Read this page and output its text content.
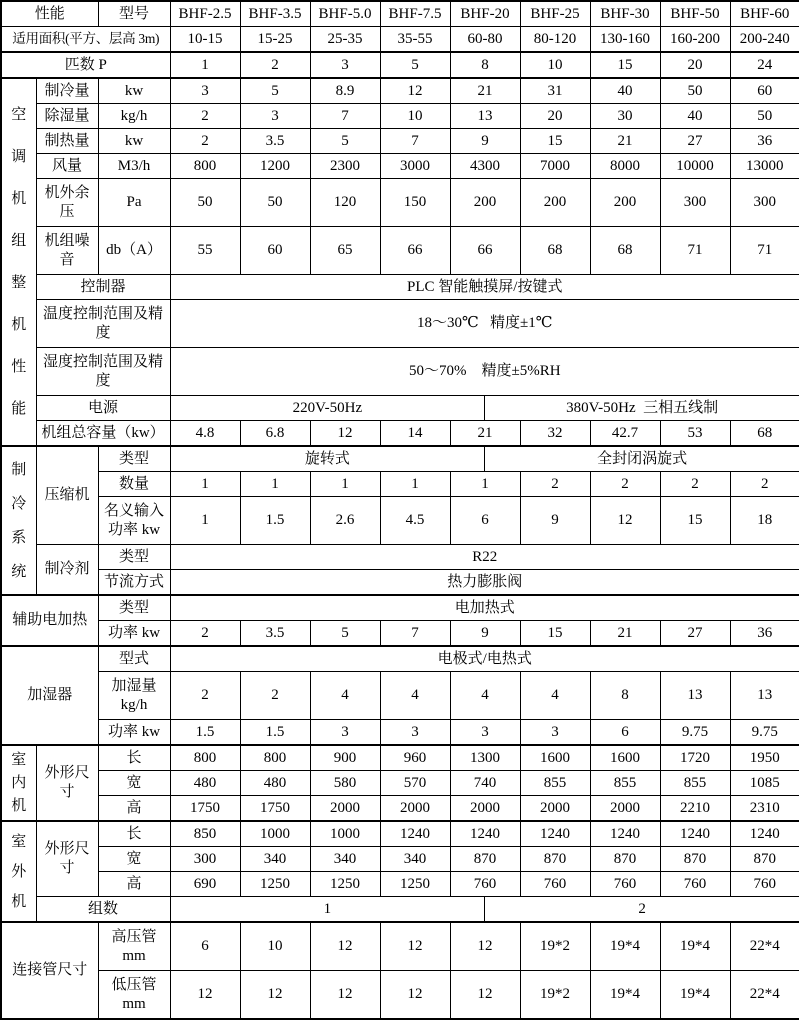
性能		型号	BHF-2.5	BHF-3.5	BHF-5.0	BHF-7.5	BHF-20	BHF-25	BHF-30	BHF-50	BHF-60
适用面积(平方、层高 3m)			10-15	15-25	25-35	35-55	60-80	80-120	130-160	160-200	200-240
匹数 P			1	2	3	5	8	10	15	20	24

空调机组整机性能	制冷量	kw	3	5	8.9	12	21	31	40	50	60
	除湿量	kg/h	2	3	7	10	13	20	30	40	50
	制热量	kw	2	3.5	5	7	9	15	21	27	36
	风量	M3/h	800	1200	2300	3000	4300	7000	8000	10000	13000
	机外余压	Pa	50	50	120	150	200	200	200	300	300
	机组噪音	db（A）	55	60	65	66	66	68	68	71	71
	控制器		PLC 智能触摸屏/按键式								
	温度控制范围及精度		18～30℃   精度±1℃								
	湿度控制范围及精度		50～70%    精度±5%RH								
	电源		220V-50Hz 380V-50Hz  三相五线制								

	机组总容量（kw）		4.8	6.8	12	14	21	32	42.7	53	68

制冷系统	压缩机	类型	旋转式 全封闭涡旋式								

		数量	1	1	1	1	1	2	2	2	2
		名义输入功率 kw	1	1.5	2.6	4.5	6	9	12	15	18
	制冷剂	类型	R22								
		节流方式	热力膨胀阀								
辅助电加热		类型	电加热式								
		功率 kw	2	3.5	5	7	9	15	21	27	36
加湿器		型式	电极式/电热式								
		加湿量 kg/h	2	2	4	4	4	4	8	13	13
		功率 kw	1.5	1.5	3	3	3	3	6	9.75	9.75

室内机	外形尺寸	长	800	800	900	960	1300	1600	1600	1720	1950
		宽	480	480	580	570	740	855	855	855	1085
		高	1750	1750	2000	2000	2000	2000	2000	2210	2310

室外机	外形尺寸	长	850	1000	1000	1240	1240	1240	1240	1240	1240
		宽	300	340	340	340	870	870	870	870	870
		高	690	1250	1250	1250	760	760	760	760	760
	组数		1 2								

连接管尺寸		高压管 mm	6	10	12	12	12	19*2	19*4	19*4	22*4
		低压管 mm	12	12	12	12	12	19*2	19*4	19*4	22*4
